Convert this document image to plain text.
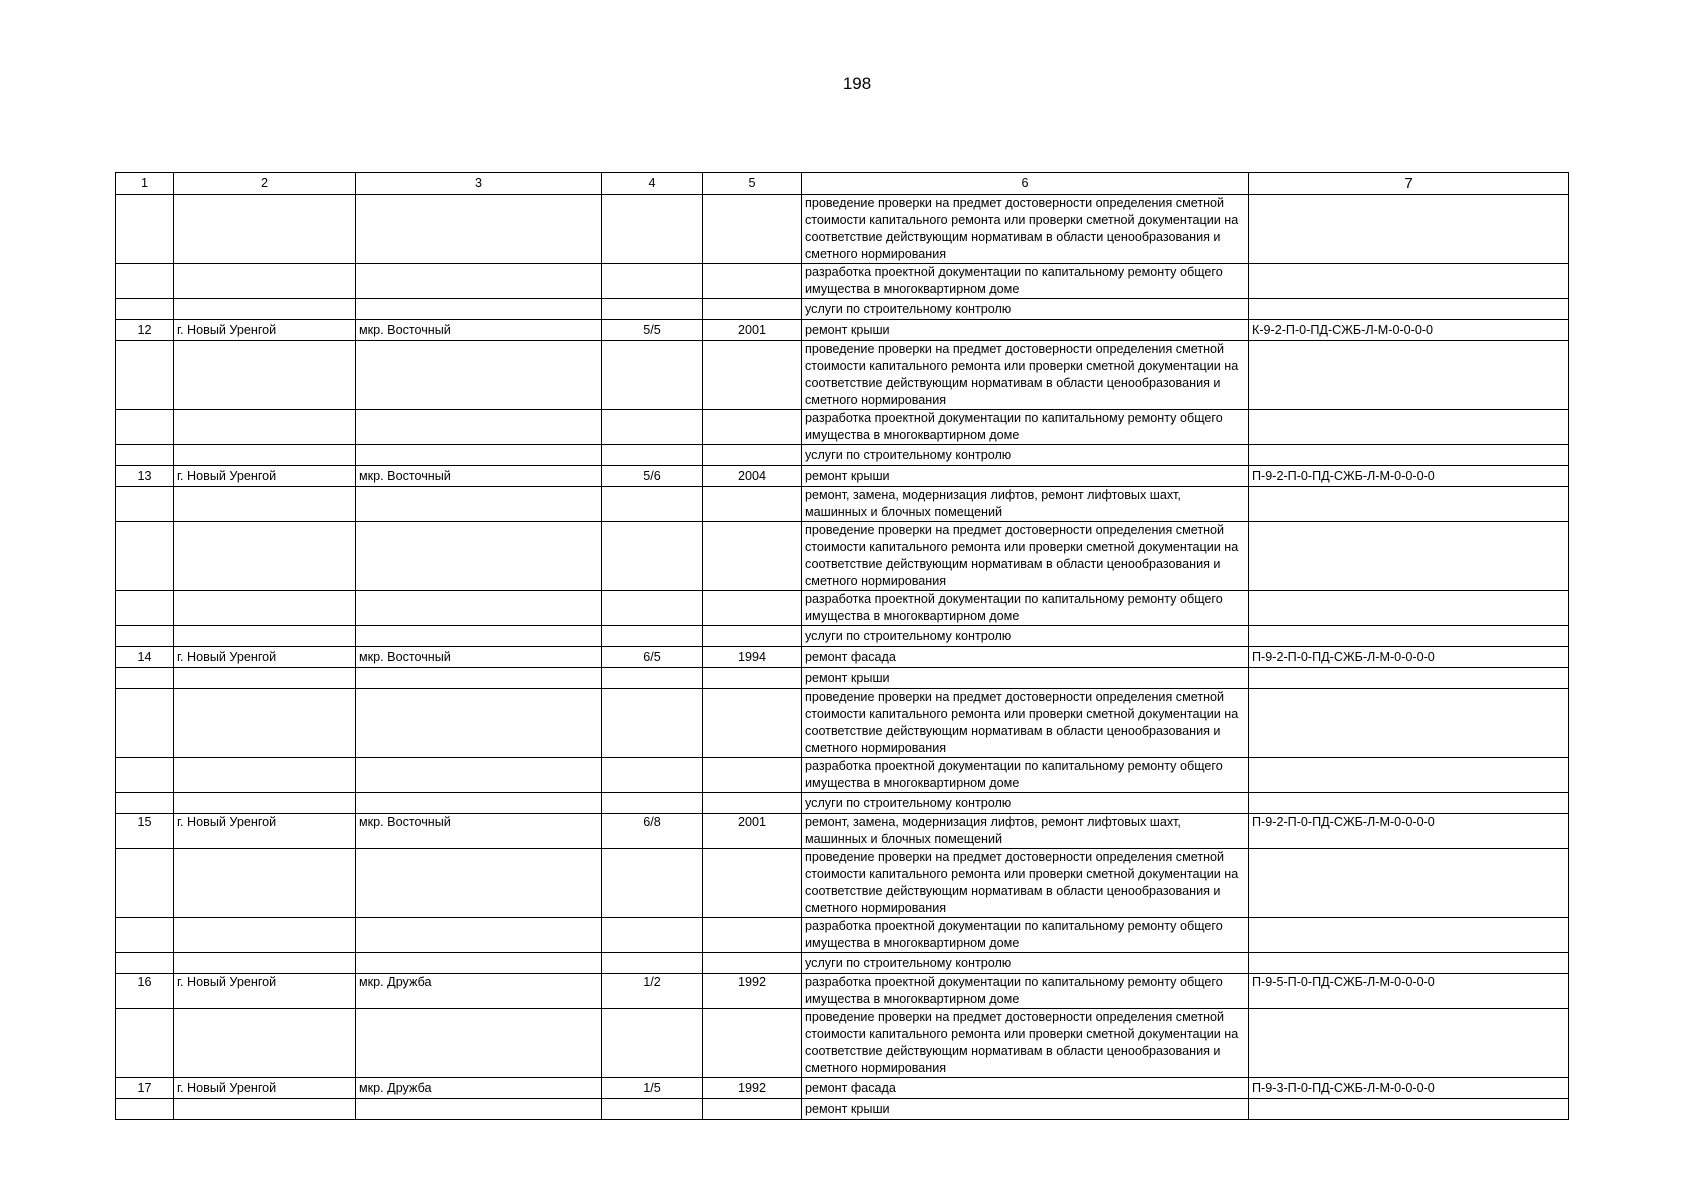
198
1	2	3	4	5	6	7
					проведение проверки на предмет достоверности определения сметной стоимости капитального ремонта или проверки сметной документации на соответствие действующим нормативам в области ценообразования и сметного нормирования	
					разработка проектной документации по капитальному ремонту общего имущества в многоквартирном доме	
					услуги по строительному контролю	
12	г. Новый Уренгой	мкр. Восточный	5/5	2001	ремонт крыши	К-9-2-П-0-ПД-СЖБ-Л-М-0-0-0-0
					проведение проверки на предмет достоверности определения сметной стоимости капитального ремонта или проверки сметной документации на соответствие действующим нормативам в области ценообразования и сметного нормирования	
					разработка проектной документации по капитальному ремонту общего имущества в многоквартирном доме	
					услуги по строительному контролю	
13	г. Новый Уренгой	мкр. Восточный	5/6	2004	ремонт крыши	П-9-2-П-0-ПД-СЖБ-Л-М-0-0-0-0
					ремонт, замена, модернизация лифтов, ремонт лифтовых шахт, машинных и блочных помещений	
					проведение проверки на предмет достоверности определения сметной стоимости капитального ремонта или проверки сметной документации на соответствие действующим нормативам в области ценообразования и сметного нормирования	
					разработка проектной документации по капитальному ремонту общего имущества в многоквартирном доме	
					услуги по строительному контролю	
14	г. Новый Уренгой	мкр. Восточный	6/5	1994	ремонт фасада	П-9-2-П-0-ПД-СЖБ-Л-М-0-0-0-0
					ремонт крыши	
					проведение проверки на предмет достоверности определения сметной стоимости капитального ремонта или проверки сметной документации на соответствие действующим нормативам в области ценообразования и сметного нормирования	
					разработка проектной документации по капитальному ремонту общего имущества в многоквартирном доме	
					услуги по строительному контролю	
15	г. Новый Уренгой	мкр. Восточный	6/8	2001	ремонт, замена, модернизация лифтов, ремонт лифтовых шахт, машинных и блочных помещений	П-9-2-П-0-ПД-СЖБ-Л-М-0-0-0-0
					проведение проверки на предмет достоверности определения сметной стоимости капитального ремонта или проверки сметной документации на соответствие действующим нормативам в области ценообразования и сметного нормирования	
					разработка проектной документации по капитальному ремонту общего имущества в многоквартирном доме	
					услуги по строительному контролю	
16	г. Новый Уренгой	мкр. Дружба	1/2	1992	разработка проектной документации по капитальному ремонту общего имущества в многоквартирном доме	П-9-5-П-0-ПД-СЖБ-Л-М-0-0-0-0
					проведение проверки на предмет достоверности определения сметной стоимости капитального ремонта или проверки сметной документации на соответствие действующим нормативам в области ценообразования и сметного нормирования	
17	г. Новый Уренгой	мкр. Дружба	1/5	1992	ремонт фасада	П-9-3-П-0-ПД-СЖБ-Л-М-0-0-0-0
					ремонт крыши	
